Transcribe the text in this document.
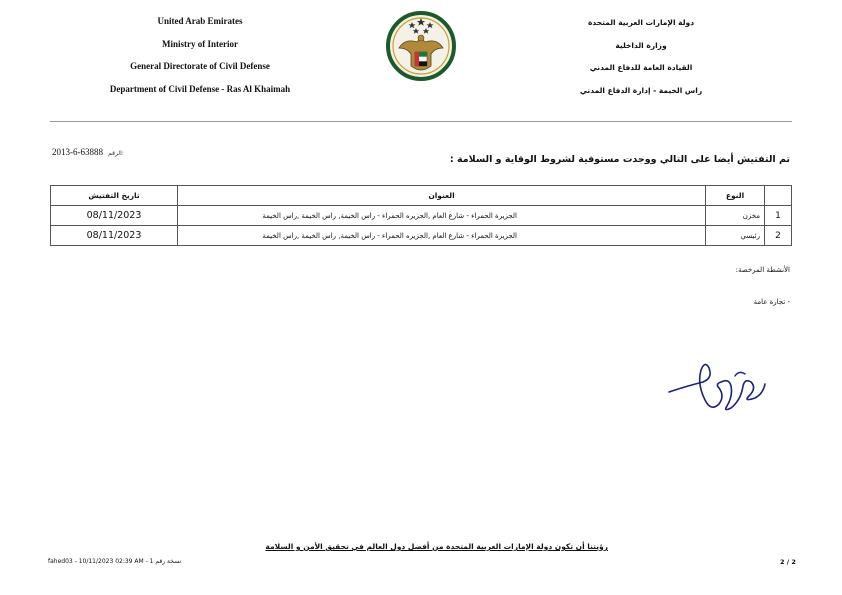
United Arab Emirates
Ministry of Interior
General Directorate of Civil Defense
Department of Civil Defense - Ras Al Khaimah
دولة الإمارات العربية المتحدة
وزارة الداخلية
القيادة العامة للدفاع المدني
راس الخيمة - إدارة الدفاع المدني
2013-6-63888 الرقم:
تم التفتيش أيضا على التالي ووجدت مستوفية لشروط الوقاية و السلامة :
	النوع	العنوان	تاريخ التفتيش
1	مخزن	الجزيرة الحمراء - شارع العام ,الجزيره الحمراء - راس الخيمة, راس الخيمة ,راس الخيمة	08/11/2023
2	رئيسي	الجزيرة الحمراء - شارع العام ,الجزيره الحمراء - راس الخيمة, راس الخيمة ,راس الخيمة	08/11/2023
الأنشطة المرخصة:
- تجارة عامة
رؤيتنا أن تكون دولة الإمارات العربية المتحدة من أفضل دول العالم في تحقيق الأمن و السلامة
fahed03 - 10/11/2023 02:39 AM - نسخة رقم 1	2 / 2
